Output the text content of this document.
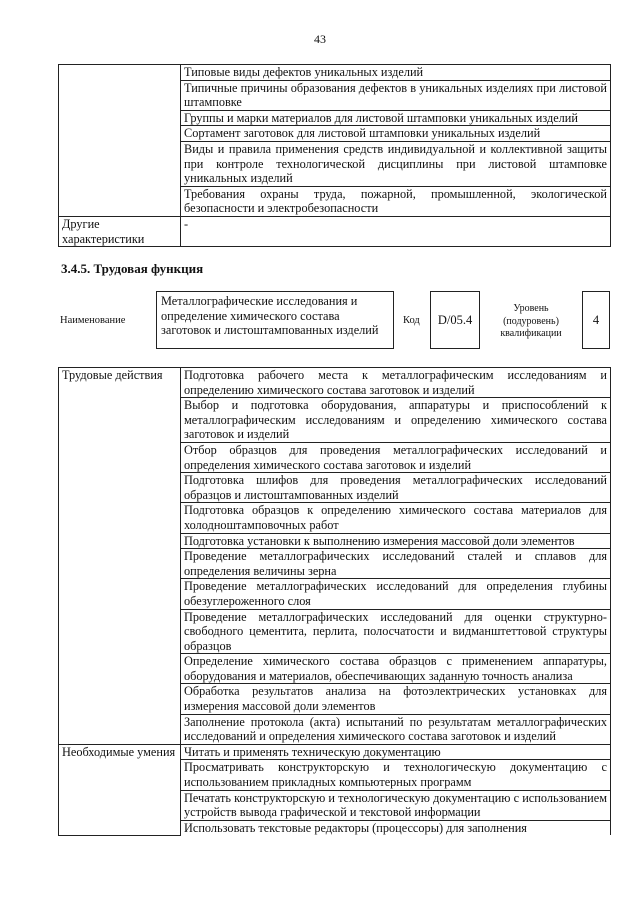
43
	Типовые виды дефектов уникальных изделий
	Типичные причины образования дефектов в уникальных изделиях при листовой штамповке
	Группы и марки материалов для листовой штамповки уникальных изделий
	Сортамент заготовок для листовой штамповки уникальных изделий
	Виды и правила применения средств индивидуальной и коллективной защиты при контроле технологической дисциплины при листовой штамповке уникальных изделий
	Требования охраны труда, пожарной, промышленной, экологической безопасности и электробезопасности
Другие характеристики	-
3.4.5. Трудовая функция
Наименование
Металлографические исследования и определение химического состава заготовок и листоштампованных изделий
Код	D/05.4
Уровень (подуровень) квалификации
4
Трудовые действия	Подготовка рабочего места к металлографическим исследованиям и определению химического состава заготовок и изделий
	Выбор и подготовка оборудования, аппаратуры и приспособлений к металлографическим исследованиям и определению химического состава заготовок и изделий
	Отбор образцов для проведения металлографических исследований и определения химического состава заготовок и изделий
	Подготовка шлифов для проведения металлографических исследований образцов и листоштампованных изделий
	Подготовка образцов к определению химического состава материалов для холодноштамповочных работ
	Подготовка установки к выполнению измерения массовой доли элементов
	Проведение металлографических исследований сталей и сплавов для определения величины зерна
	Проведение металлографических исследований для определения глубины обезуглероженного слоя
	Проведение металлографических исследований для оценки структурно-свободного цементита, перлита, полосчатости и видманштеттовой структуры образцов
	Определение химического состава образцов с применением аппаратуры, оборудования и материалов, обеспечивающих заданную точность анализа
	Обработка результатов анализа на фотоэлектрических установках для измерения массовой доли элементов
	Заполнение протокола (акта) испытаний по результатам металлографических исследований и определения химического состава заготовок и изделий
Необходимые умения	Читать и применять техническую документацию
	Просматривать конструкторскую и технологическую документацию с использованием прикладных компьютерных программ
	Печатать конструкторскую и технологическую документацию с использованием устройств вывода графической и текстовой информации
	Использовать текстовые редакторы (процессоры) для заполнения
